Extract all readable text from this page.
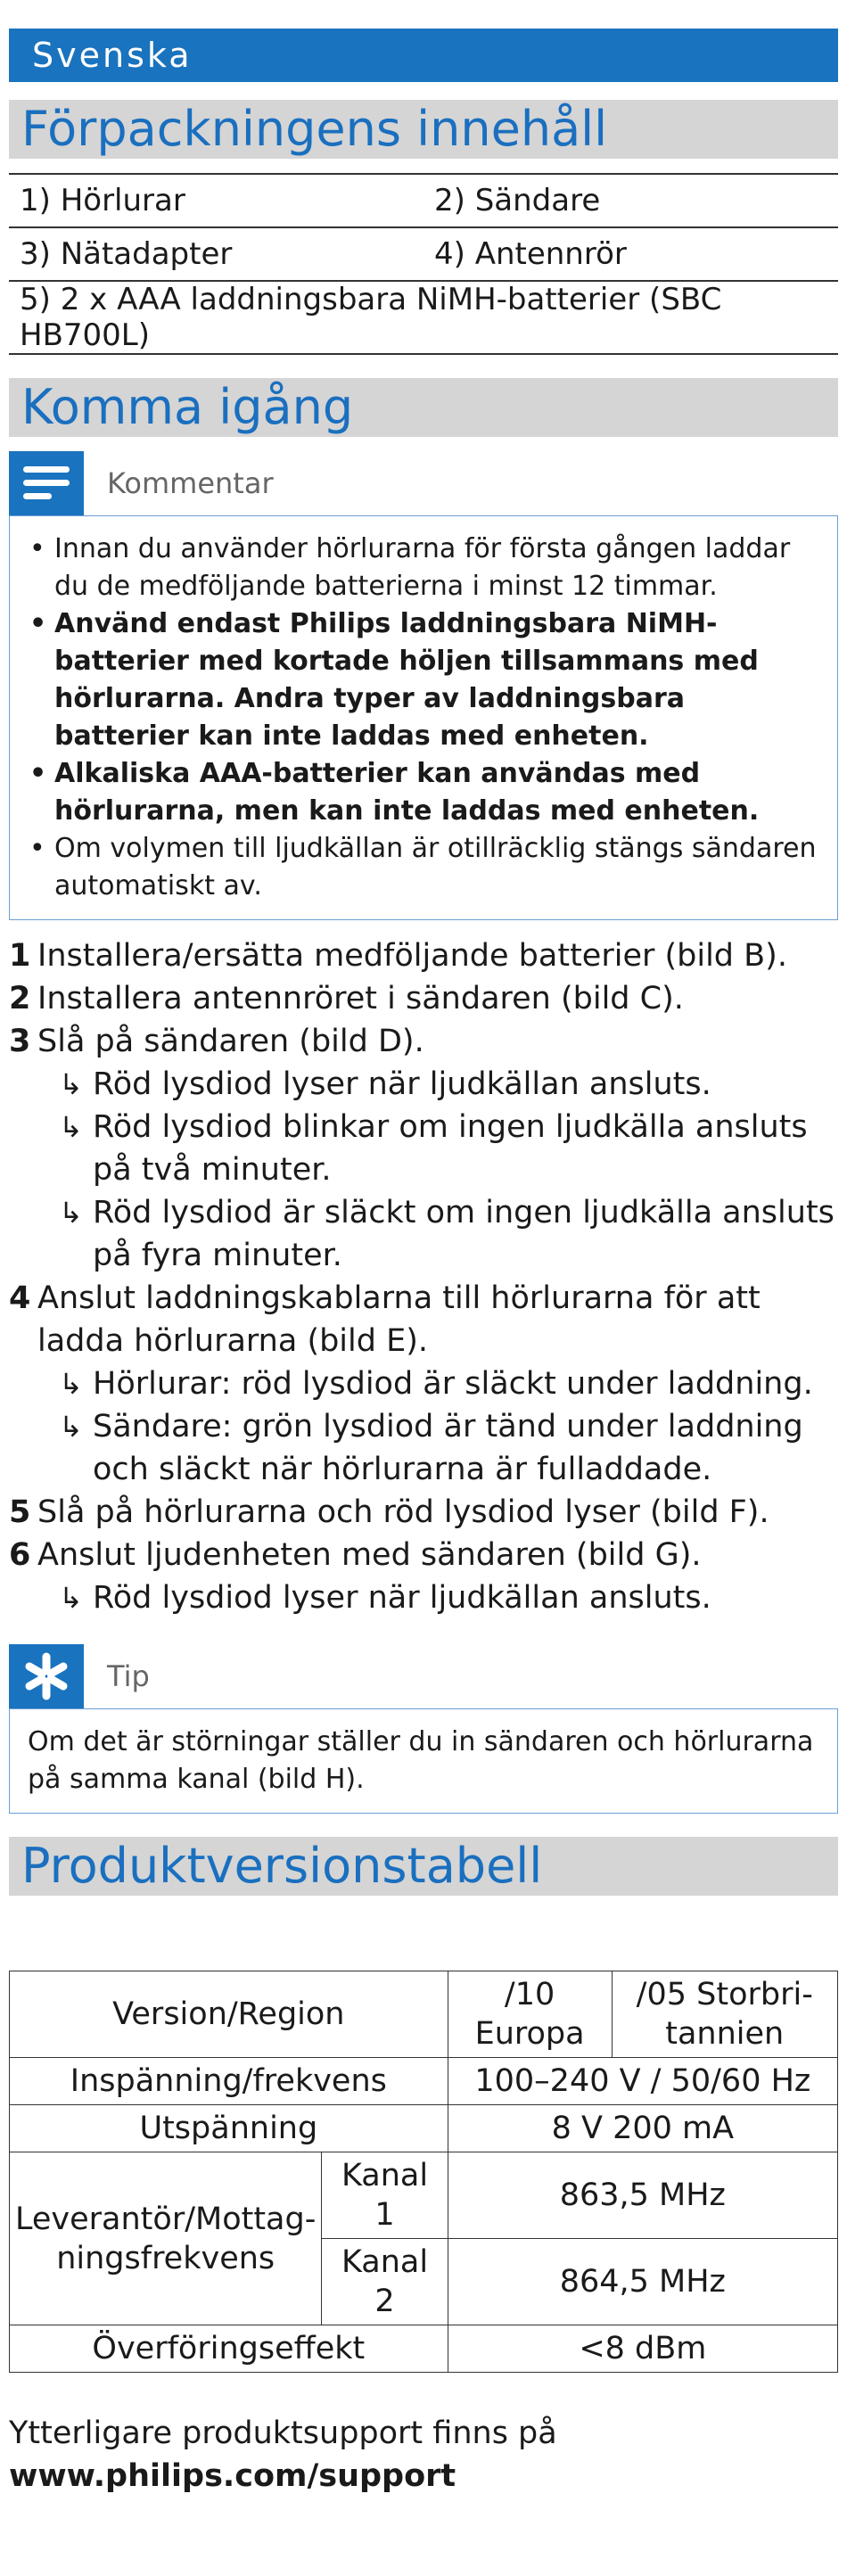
Svenska
Förpackningens innehåll
1) Hörlurar	2) Sändare
3) Nätadapter	4) Antennrör
5) 2 x AAA laddningsbara NiMH-batterier (SBC HB700L)	
Komma igång
Kommentar
• Innan du använder hörlurarna för första gången laddar du de medföljande batterierna i minst 12 timmar.
• Använd endast Philips laddningsbara NiMH-batterier med kortade höljen tillsammans med hörlurarna. Andra typer av laddningsbara batterier kan inte laddas med enheten.
• Alkaliska AAA-batterier kan användas med hörlurarna, men kan inte laddas med enheten.
• Om volymen till ljudkällan är otillräcklig stängs sändaren automatiskt av.
1 Installera/ersätta medföljande batterier (bild B).
2 Installera antennröret i sändaren (bild C).
3 Slå på sändaren (bild D).
↳ Röd lysdiod lyser när ljudkällan ansluts.
↳ Röd lysdiod blinkar om ingen ljudkälla ansluts på två minuter.
↳ Röd lysdiod är släckt om ingen ljudkälla ansluts på fyra minuter.
4 Anslut laddningskablarna till hörlurarna för att ladda hörlurarna (bild E).
↳ Hörlurar: röd lysdiod är släckt under laddning.
↳ Sändare: grön lysdiod är tänd under laddning och släckt när hörlurarna är fulladdade.
5 Slå på hörlurarna och röd lysdiod lyser (bild F).
6 Anslut ljudenheten med sändaren (bild G).
↳ Röd lysdiod lyser när ljudkällan ansluts.
Tip
Om det är störningar ställer du in sändaren och hörlurarna på samma kanal (bild H).
Produktversionstabell
Version/Region		/10 Europa	/05 Storbri-tannien
Inspänning/frekvens		100–240 V / 50/60 Hz	
Utspänning		8 V 200 mA	
Leverantör/Mottag-ningsfrekvens	Kanal 1	863,5 MHz	
	Kanal 2	864,5 MHz	
Överföringseffekt		<8 dBm	
Ytterligare produktsupport finns på
www.philips.com/support
